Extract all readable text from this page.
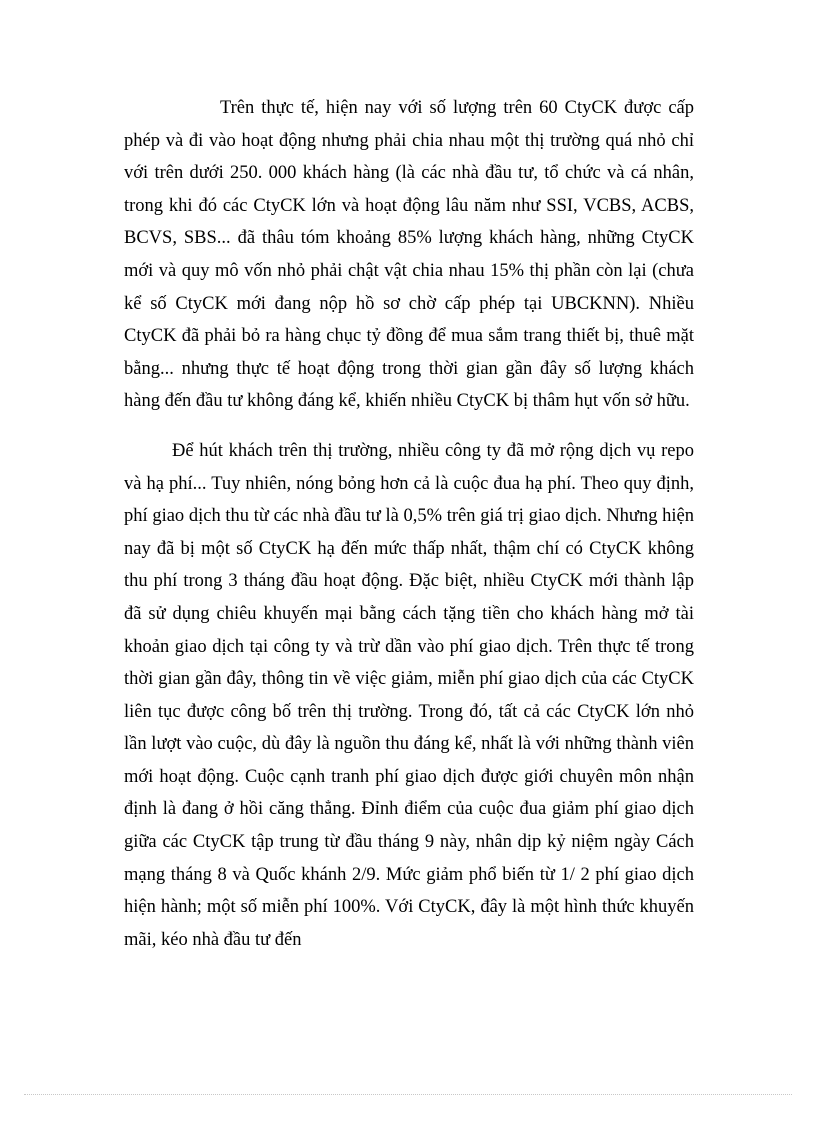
Trên thực tế, hiện nay với số lượng trên 60 CtyCK được cấp phép và đi vào hoạt động nhưng phải chia nhau một thị trường quá nhỏ chỉ với trên dưới 250. 000 khách hàng (là các nhà đầu tư, tổ chức và cá nhân, trong khi đó các CtyCK lớn và hoạt động lâu năm như SSI, VCBS, ACBS, BCVS, SBS... đã thâu tóm khoảng 85% lượng khách hàng, những CtyCK mới và quy mô vốn nhỏ phải chật vật chia nhau 15% thị phần còn lại (chưa kể số CtyCK mới đang nộp hồ sơ chờ cấp phép tại UBCKNN). Nhiều CtyCK đã phải bỏ ra hàng chục tỷ đồng để mua sắm trang thiết bị, thuê mặt bằng... nhưng thực tế hoạt động trong thời gian gần đây số lượng khách hàng đến đầu tư không đáng kể, khiến nhiều CtyCK bị thâm hụt vốn sở hữu.

Để hút khách trên thị trường, nhiều công ty đã mở rộng dịch vụ repo và hạ phí... Tuy nhiên, nóng bỏng hơn cả là cuộc đua hạ phí. Theo quy định, phí giao dịch thu từ các nhà đầu tư là 0,5% trên giá trị giao dịch. Nhưng hiện nay đã bị một số CtyCK hạ đến mức thấp nhất, thậm chí có CtyCK không thu phí trong 3 tháng đầu hoạt động. Đặc biệt, nhiều CtyCK mới thành lập đã sử dụng chiêu khuyến mại bằng cách tặng tiền cho khách hàng mở tài khoản giao dịch tại công ty và trừ dần vào phí giao dịch. Trên thực tế trong thời gian gần đây, thông tin về việc giảm, miễn phí giao dịch của các CtyCK liên tục được công bố trên thị trường. Trong đó, tất cả các CtyCK lớn nhỏ lần lượt vào cuộc, dù đây là nguồn thu đáng kể, nhất là với những thành viên mới hoạt động. Cuộc cạnh tranh phí giao dịch được giới chuyên môn nhận định là đang ở hồi căng thẳng. Đỉnh điểm của cuộc đua giảm phí giao dịch giữa các CtyCK tập trung từ đầu tháng 9 này, nhân dịp kỷ niệm ngày Cách mạng tháng 8 và Quốc khánh 2/9. Mức giảm phổ biến từ 1/ 2 phí giao dịch hiện hành; một số miễn phí 100%. Với CtyCK, đây là một hình thức khuyến mãi, kéo nhà đầu tư đến
